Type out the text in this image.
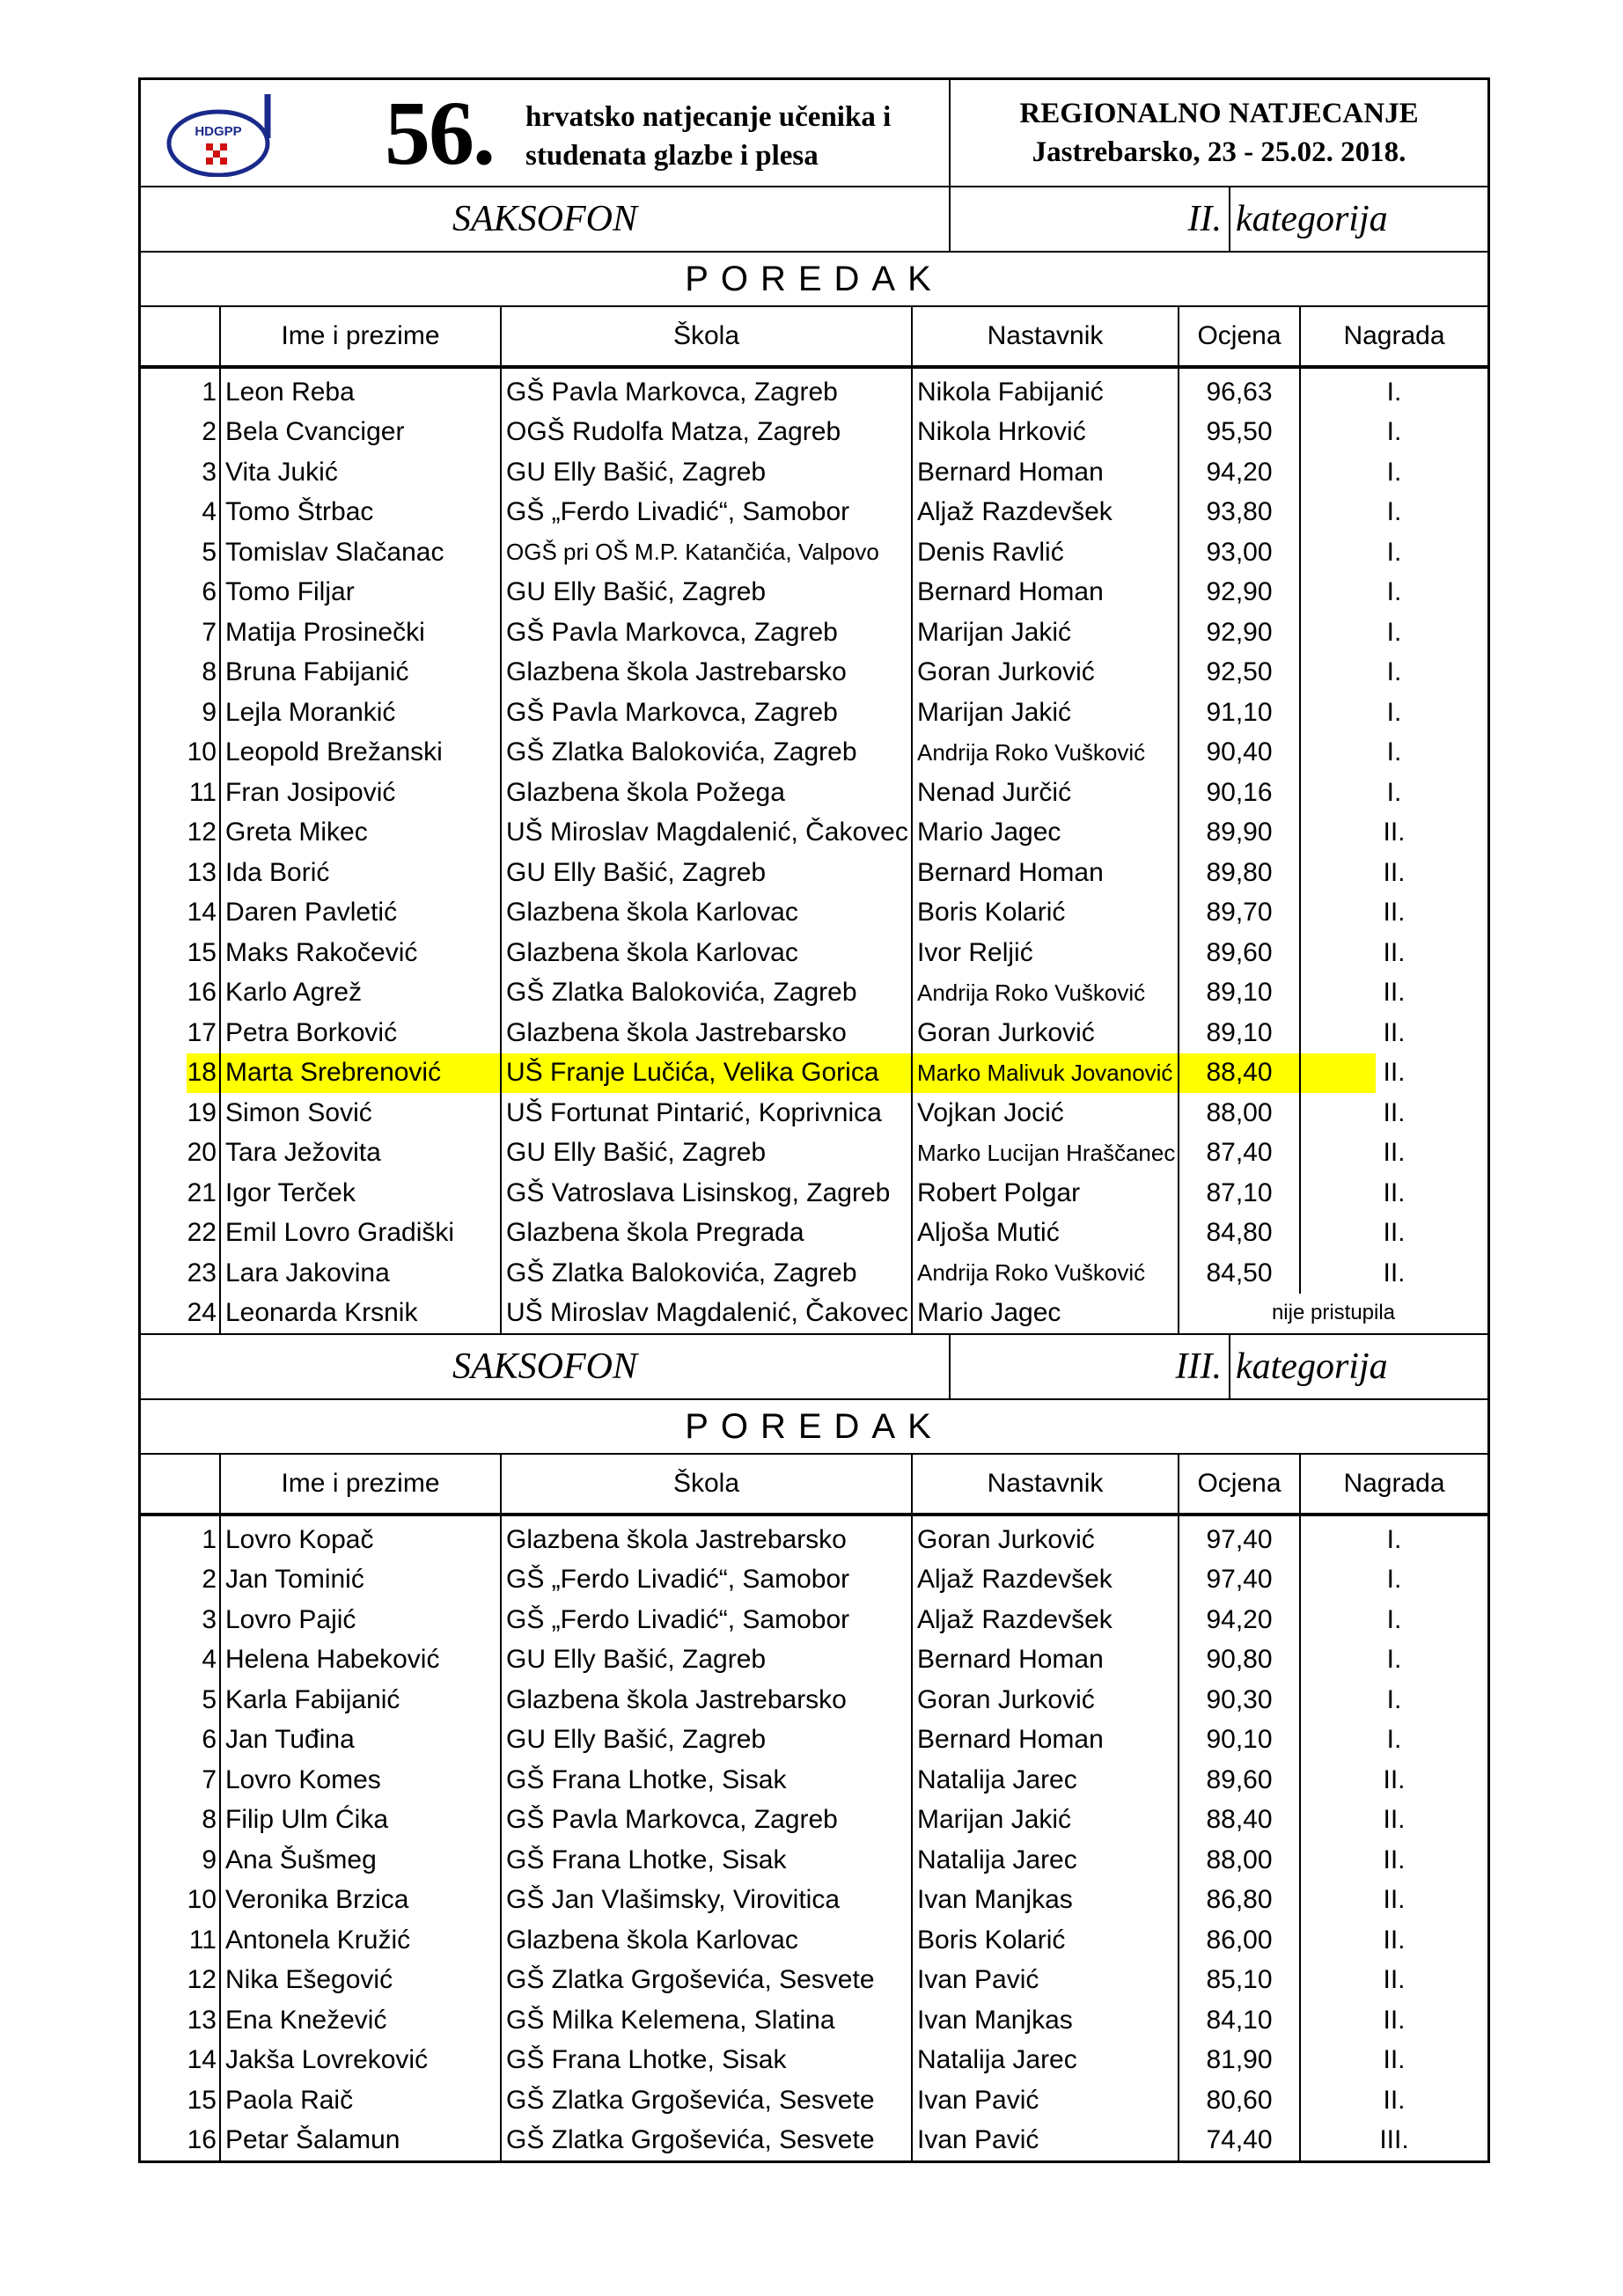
HDGPP 56. hrvatsko natjecanje učenika i
studenata glazbe i plesa

REGIONALNO NATJECANJE
Jastrebarsko, 23 - 25.02. 2018.
SAKSOFON	II.	kategorija
POREDAK
	Ime i prezime	Škola	Nastavnik	Ocjena	Nagrada
1	Leon Reba	GŠ Pavla Markovca, Zagreb	Nikola Fabijanić	96,63	I.
2	Bela Cvanciger	OGŠ Rudolfa Matza, Zagreb	Nikola Hrković	95,50	I.
3	Vita Jukić	GU Elly Bašić, Zagreb	Bernard Homan	94,20	I.
4	Tomo Štrbac	GŠ „Ferdo Livadić“, Samobor	Aljaž Razdevšek	93,80	I.
5	Tomislav Slačanac	OGŠ pri OŠ M.P. Katančića, Valpovo	Denis Ravlić	93,00	I.
6	Tomo Filjar	GU Elly Bašić, Zagreb	Bernard Homan	92,90	I.
7	Matija Prosinečki	GŠ Pavla Markovca, Zagreb	Marijan Jakić	92,90	I.
8	Bruna Fabijanić	Glazbena škola Jastrebarsko	Goran Jurković	92,50	I.
9	Lejla Morankić	GŠ Pavla Markovca, Zagreb	Marijan Jakić	91,10	I.
10	Leopold Brežanski	GŠ Zlatka Balokovića, Zagreb	Andrija Roko Vušković	90,40	I.
11	Fran Josipović	Glazbena škola Požega	Nenad Jurčić	90,16	I.
12	Greta Mikec	UŠ Miroslav Magdalenić, Čakovec	Mario Jagec	89,90	II.
13	Ida Borić	GU Elly Bašić, Zagreb	Bernard Homan	89,80	II.
14	Daren Pavletić	Glazbena škola Karlovac	Boris Kolarić	89,70	II.
15	Maks Rakočević	Glazbena škola Karlovac	Ivor Reljić	89,60	II.
16	Karlo Agrež	GŠ Zlatka Balokovića, Zagreb	Andrija Roko Vušković	89,10	II.
17	Petra Borković	Glazbena škola Jastrebarsko	Goran Jurković	89,10	II.
18	Marta Srebrenović	UŠ Franje Lučića, Velika Gorica	Marko Malivuk Jovanović	88,40	II.
19	Simon Sović	UŠ Fortunat Pintarić, Koprivnica	Vojkan Jocić	88,00	II.
20	Tara Ježovita	GU Elly Bašić, Zagreb	Marko Lucijan Hraščanec	87,40	II.
21	Igor Terček	GŠ Vatroslava Lisinskog, Zagreb	Robert Polgar	87,10	II.
22	Emil Lovro Gradiški	Glazbena škola Pregrada	Aljoša Mutić	84,80	II.
23	Lara Jakovina	GŠ Zlatka Balokovića, Zagreb	Andrija Roko Vušković	84,50	II.
24	Leonarda Krsnik	UŠ Miroslav Magdalenić, Čakovec	Mario Jagec	nije pristupila	
SAKSOFON	III.	kategorija
POREDAK
	Ime i prezime	Škola	Nastavnik	Ocjena	Nagrada
1	Lovro Kopač	Glazbena škola Jastrebarsko	Goran Jurković	97,40	I.
2	Jan Tominić	GŠ „Ferdo Livadić“, Samobor	Aljaž Razdevšek	97,40	I.
3	Lovro Pajić	GŠ „Ferdo Livadić“, Samobor	Aljaž Razdevšek	94,20	I.
4	Helena Habeković	GU Elly Bašić, Zagreb	Bernard Homan	90,80	I.
5	Karla Fabijanić	Glazbena škola Jastrebarsko	Goran Jurković	90,30	I.
6	Jan Tuđina	GU Elly Bašić, Zagreb	Bernard Homan	90,10	I.
7	Lovro Komes	GŠ Frana Lhotke, Sisak	Natalija Jarec	89,60	II.
8	Filip Ulm Ćika	GŠ Pavla Markovca, Zagreb	Marijan Jakić	88,40	II.
9	Ana Šušmeg	GŠ Frana Lhotke, Sisak	Natalija Jarec	88,00	II.
10	Veronika Brzica	GŠ Jan Vlašimsky, Virovitica	Ivan Manjkas	86,80	II.
11	Antonela Kružić	Glazbena škola Karlovac	Boris Kolarić	86,00	II.
12	Nika Ešegović	GŠ Zlatka Grgoševića, Sesvete	Ivan Pavić	85,10	II.
13	Ena Knežević	GŠ Milka Kelemena, Slatina	Ivan Manjkas	84,10	II.
14	Jakša Lovreković	GŠ Frana Lhotke, Sisak	Natalija Jarec	81,90	II.
15	Paola Raič	GŠ Zlatka Grgoševića, Sesvete	Ivan Pavić	80,60	II.
16	Petar Šalamun	GŠ Zlatka Grgoševića, Sesvete	Ivan Pavić	74,40	III.
